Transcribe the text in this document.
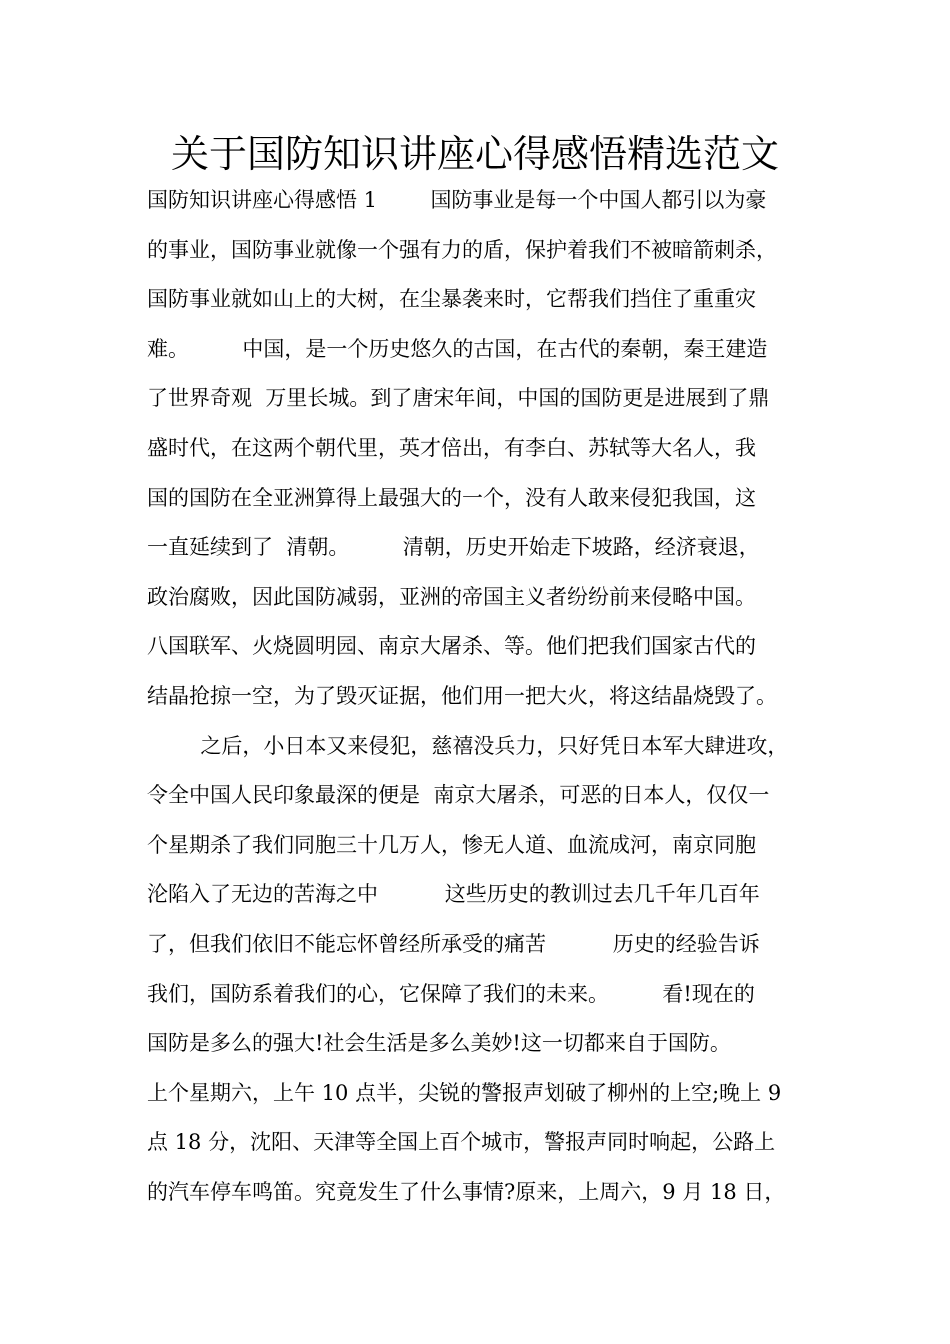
关于国防知识讲座心得感悟精选范文
国防知识讲座心得感悟 1        国防事业是每一个中国人都引以为豪
的事业，国防事业就像一个强有力的盾，保护着我们不被暗箭刺杀，
国防事业就如山上的大树，在尘暴袭来时，它帮我们挡住了重重灾
难。        中国，是一个历史悠久的古国，在古代的秦朝，秦王建造
了世界奇观  万里长城。到了唐宋年间，中国的国防更是进展到了鼎
盛时代，在这两个朝代里，英才倍出，有李白、苏轼等大名人，我
国的国防在全亚洲算得上最强大的一个，没有人敢来侵犯我国，这
一直延续到了  清朝。        清朝，历史开始走下坡路，经济衰退，
政治腐败，因此国防减弱，亚洲的帝国主义者纷纷前来侵略中国。
八国联军、火烧圆明园、南京大屠杀、等。他们把我们国家古代的
结晶抢掠一空，为了毁灭证据，他们用一把大火，将这结晶烧毁了。
之后，小日本又来侵犯，慈禧没兵力，只好凭日本军大肆进攻，
令全中国人民印象最深的便是  南京大屠杀，可恶的日本人，仅仅一
个星期杀了我们同胞三十几万人，惨无人道、血流成河，南京同胞
沦陷入了无边的苦海之中          这些历史的教训过去几千年几百年
了，但我们依旧不能忘怀曾经所承受的痛苦          历史的经验告诉
我们，国防系着我们的心，它保障了我们的未来。        看!现在的
国防是多么的强大!社会生活是多么美妙!这一切都来自于国防。
上个星期六，上午 10 点半，尖锐的警报声划破了柳州的上空;晚上 9
点 18 分，沈阳、天津等全国上百个城市，警报声同时响起，公路上
的汽车停车鸣笛。究竟发生了什么事情?原来，上周六，9 月 18 日，
